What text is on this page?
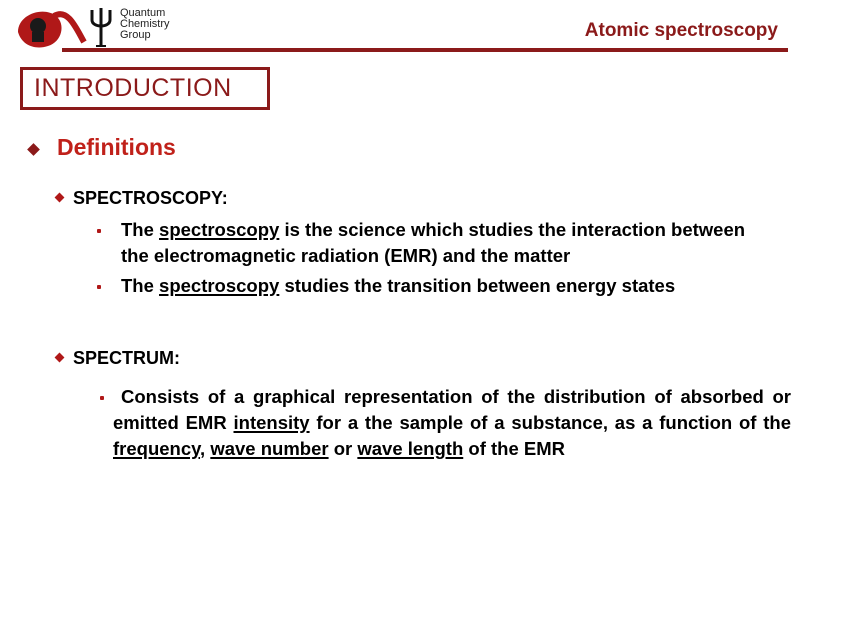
Quantum
Chemistry
Group	Atomic spectroscopy
INTRODUCTION
Definitions
SPECTROSCOPY:
The spectroscopy is the science which studies the interaction between the electromagnetic radiation (EMR) and the matter
The spectroscopy studies the transition between energy states
SPECTRUM:
Consists of a graphical representation of the distribution of absorbed or emitted EMR intensity for a the sample of a substance, as a function of the frequency, wave number or wave length of the EMR
